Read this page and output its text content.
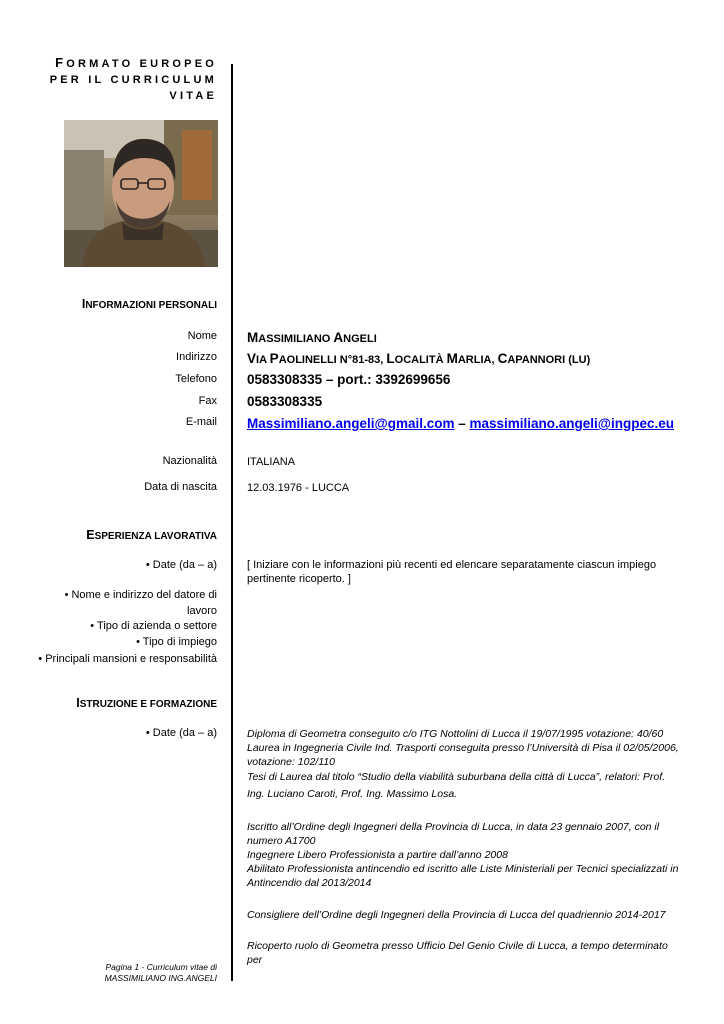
FORMATO EUROPEO
PER IL CURRICULUM
VITAE
INFORMAZIONI PERSONALI
Nome MASSIMILIANO ANGELI
Indirizzo VIA PAOLINELLI N°81-83, LOCALITÀ MARLIA, CAPANNORI (LU)
Telefono 0583308335 – port.: 3392699656
Fax 0583308335
E-mail Massimiliano.angeli@gmail.com – massimiliano.angeli@ingpec.eu
Nazionalità	ITALIANA
Data di nascita	12.03.1976 - LUCCA
ESPERIENZA LAVORATIVA
• Date (da – a)	[ Iniziare con le informazioni più recenti ed elencare separatamente ciascun impiego pertinente ricoperto. ]
• Nome e indirizzo del datore di lavoro
• Tipo di azienda o settore
• Tipo di impiego
• Principali mansioni e responsabilità
ISTRUZIONE E FORMAZIONE
• Date (da – a)	Diploma di Geometra conseguito c/o ITG Nottolini di Lucca il 19/07/1995 votazione: 40/60
Laurea in Ingegneria Civile Ind. Trasporti conseguita presso l’Università di Pisa il 02/05/2006, votazione: 102/110
Tesi di Laurea dal titolo “Studio della viabilità suburbana della città di Lucca”, relatori: Prof. Ing. Luciano Caroti, Prof. Ing. Massimo Losa.
Iscritto all’Ordine degli Ingegneri della Provincia di Lucca, in data 23 gennaio 2007, con il numero A1700
Ingegnere Libero Professionista a partire dall’anno 2008
Abilitato Professionista antincendio ed iscritto alle Liste Ministeriali per Tecnici specializzati in Antincendio dal 2013/2014
Consigliere dell’Ordine degli Ingegneri della Provincia di Lucca del quadriennio 2014-2017
Ricoperto ruolo di Geometra presso Ufficio Del Genio Civile di Lucca, a tempo determinato per
Pagina 1 - Curriculum vitae di
MASSIMILIANO ING.ANGELI
